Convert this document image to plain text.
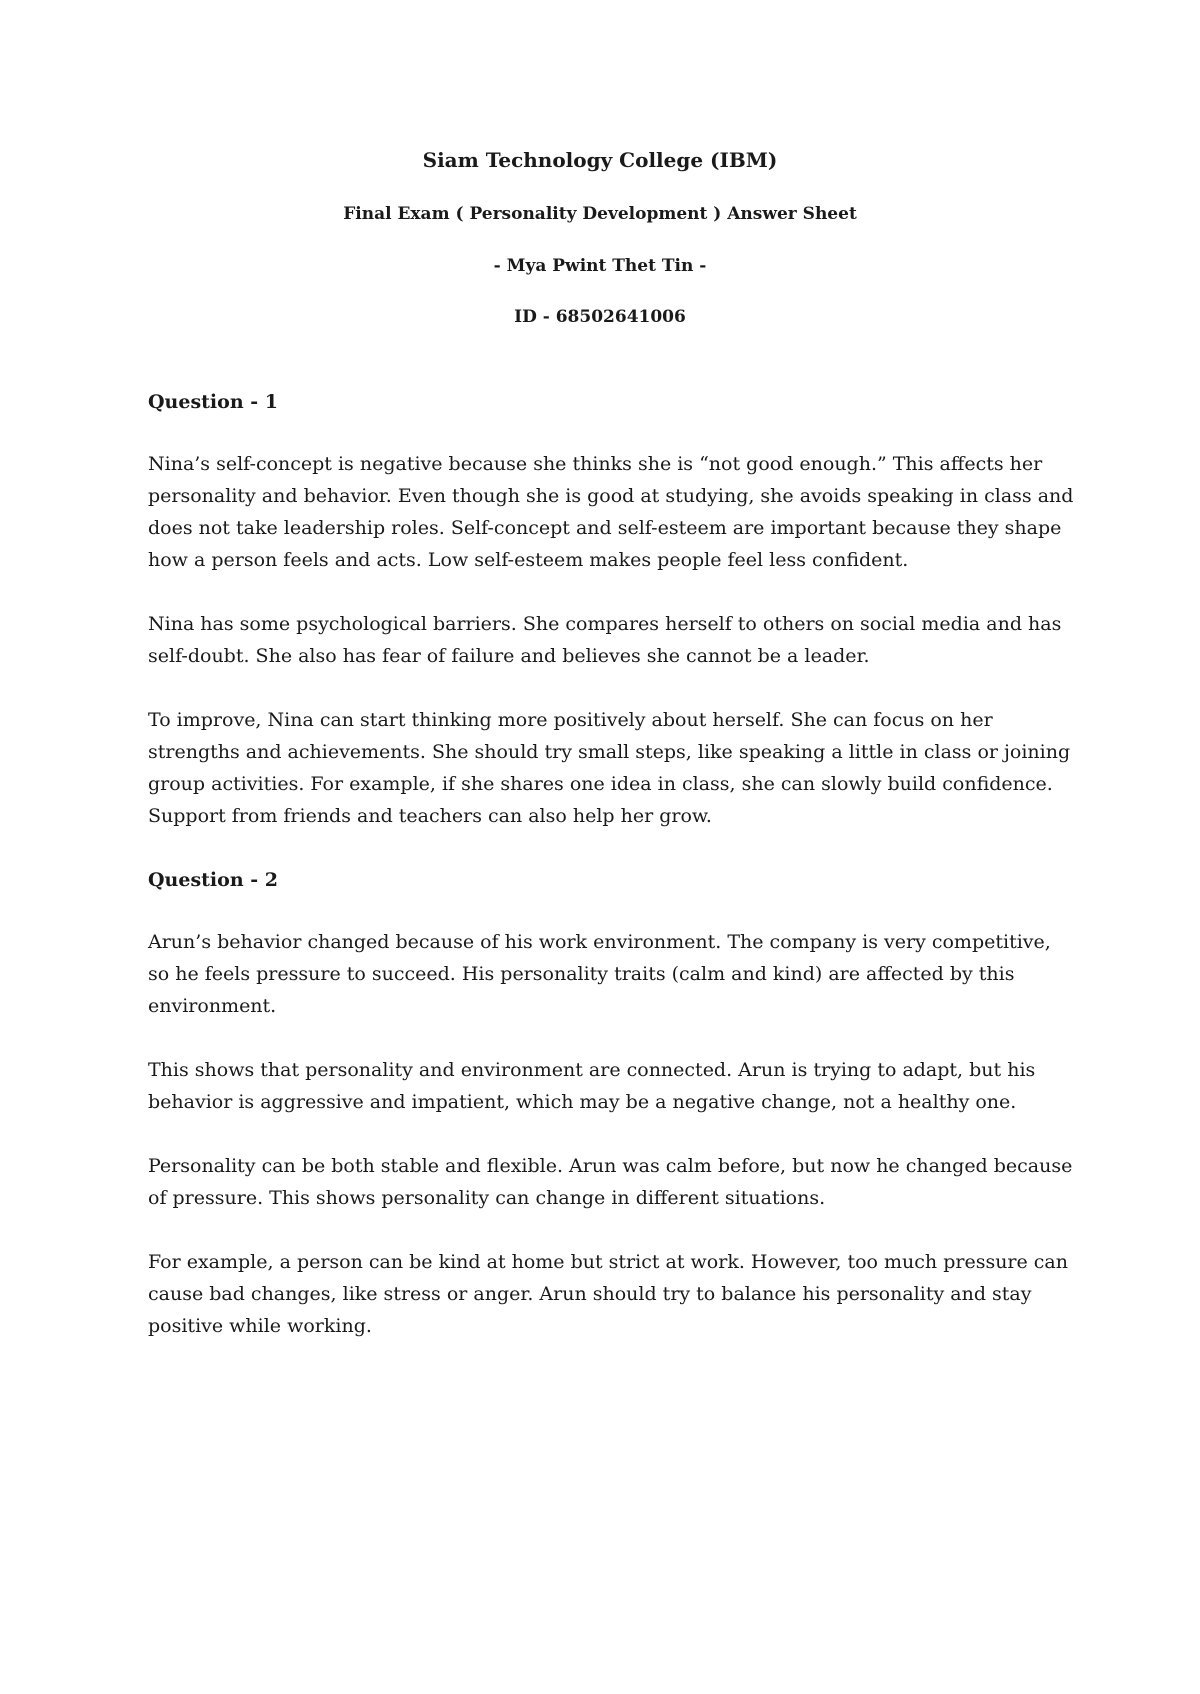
Siam Technology College (IBM)
Final Exam ( Personality Development ) Answer Sheet
- Mya Pwint Thet Tin -
ID - 68502641006

Question - 1

Nina’s self-concept is negative because she thinks she is “not good enough.” This affects her personality and behavior. Even though she is good at studying, she avoids speaking in class and does not take leadership roles. Self-concept and self-esteem are important because they shape how a person feels and acts. Low self-esteem makes people feel less confident.

Nina has some psychological barriers. She compares herself to others on social media and has self-doubt. She also has fear of failure and believes she cannot be a leader.

To improve, Nina can start thinking more positively about herself. She can focus on her strengths and achievements. She should try small steps, like speaking a little in class or joining group activities. For example, if she shares one idea in class, she can slowly build confidence. Support from friends and teachers can also help her grow.

Question - 2

Arun’s behavior changed because of his work environment. The company is very competitive, so he feels pressure to succeed. His personality traits (calm and kind) are affected by this environment.

This shows that personality and environment are connected. Arun is trying to adapt, but his behavior is aggressive and impatient, which may be a negative change, not a healthy one.

Personality can be both stable and flexible. Arun was calm before, but now he changed because of pressure. This shows personality can change in different situations.

For example, a person can be kind at home but strict at work. However, too much pressure can cause bad changes, like stress or anger. Arun should try to balance his personality and stay positive while working.
